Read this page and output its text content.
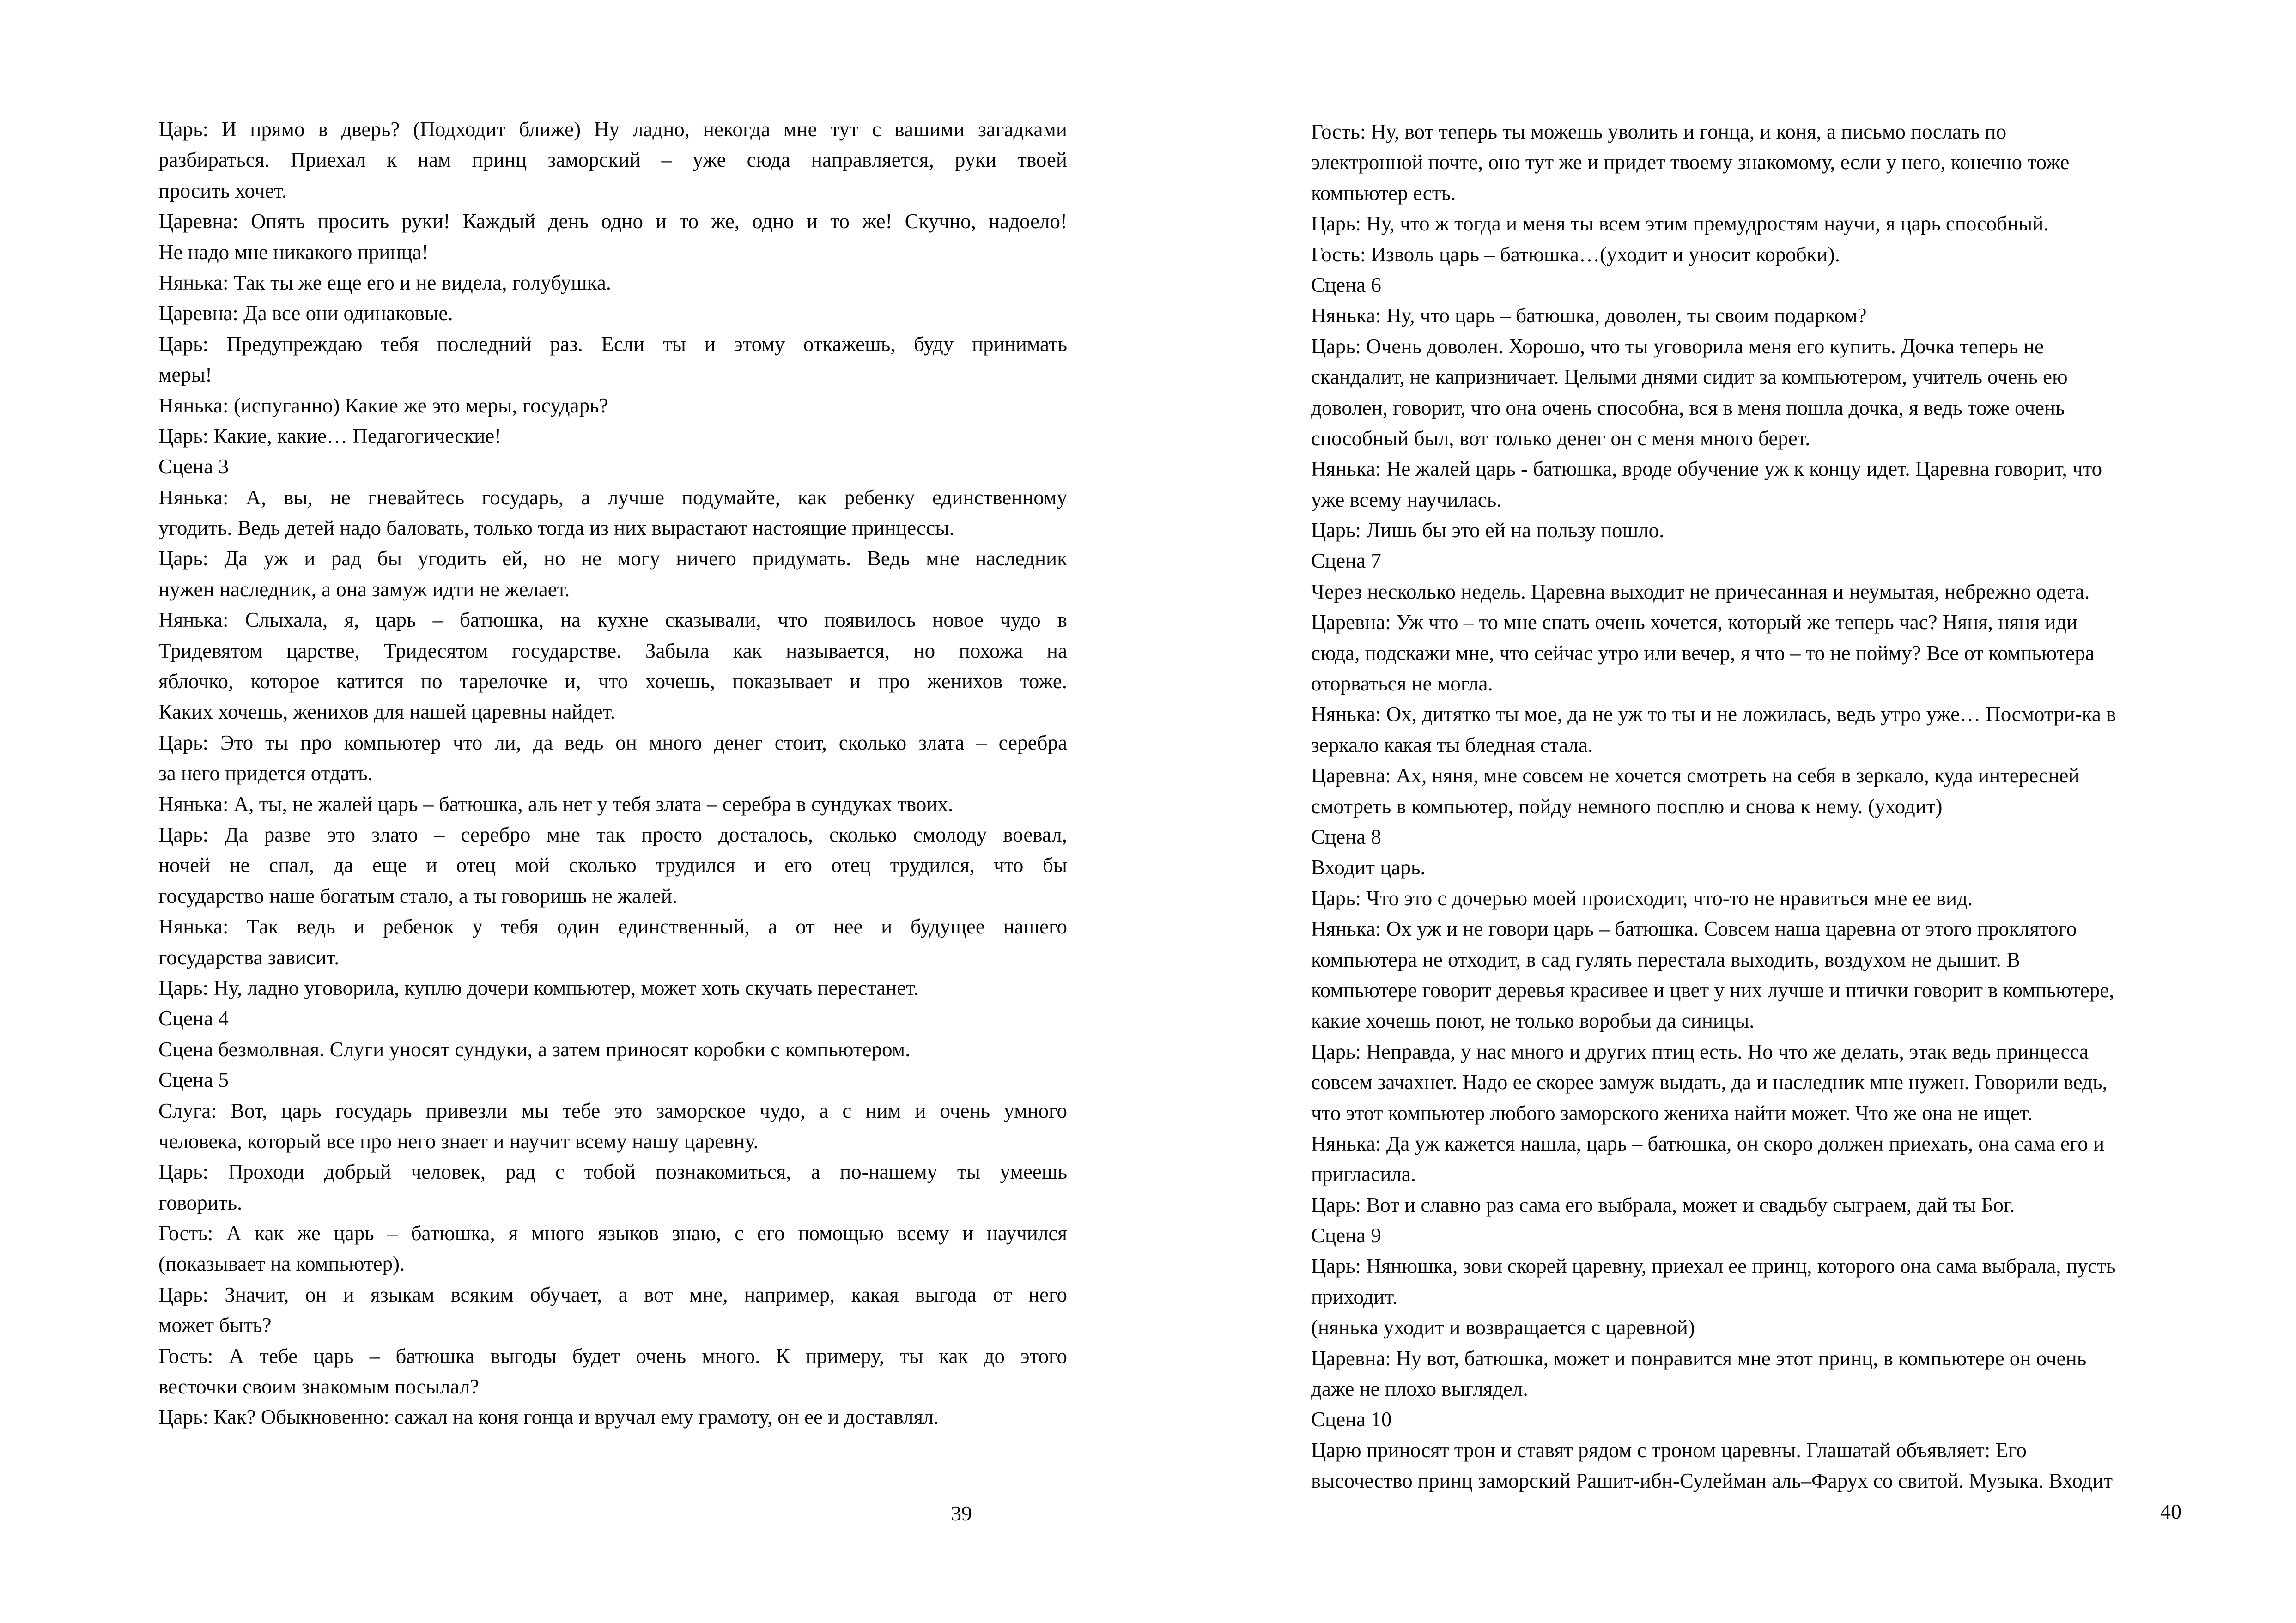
Царь: И прямо в дверь? (Подходит ближе) Ну ладно, некогда мне тут с вашими загадками
разбираться. Приехал к нам принц заморский – уже сюда направляется, руки твоей
просить хочет.
Царевна: Опять просить руки! Каждый день одно и то же, одно и то же! Скучно, надоело!
Не надо мне никакого принца!
Нянька: Так ты же еще его и не видела, голубушка.
Царевна: Да все они одинаковые.
Царь: Предупреждаю тебя последний раз. Если ты и этому откажешь, буду принимать
меры!
Нянька: (испуганно) Какие же это меры, государь?
Царь: Какие, какие… Педагогические!
Сцена 3
Нянька: А, вы, не гневайтесь государь, а лучше подумайте, как ребенку единственному
угодить. Ведь детей надо баловать, только тогда из них вырастают настоящие принцессы.
Царь: Да уж и рад бы угодить ей, но не могу ничего придумать. Ведь мне наследник
нужен наследник, а она замуж идти не желает.
Нянька: Слыхала, я, царь – батюшка, на кухне сказывали, что появилось новое чудо в
Тридевятом царстве, Тридесятом государстве. Забыла как называется, но похожа на
яблочко, которое катится по тарелочке и, что хочешь, показывает и про женихов тоже.
Каких хочешь, женихов для нашей царевны найдет.
Царь: Это ты про компьютер что ли, да ведь он много денег стоит, сколько злата – серебра
за него придется отдать.
Нянька: А, ты, не жалей царь – батюшка, аль нет у тебя злата – серебра в сундуках твоих.
Царь: Да разве это злато – серебро мне так просто досталось, сколько смолоду воевал,
ночей не спал, да еще и отец мой сколько трудился и его отец трудился, что бы
государство наше богатым стало, а ты говоришь не жалей.
Нянька: Так ведь и ребенок у тебя один единственный, а от нее и будущее нашего
государства зависит.
Царь: Ну, ладно уговорила, куплю дочери компьютер, может хоть скучать перестанет.
Сцена 4
Сцена безмолвная. Слуги уносят сундуки, а затем приносят коробки с компьютером.
Сцена 5
Слуга: Вот, царь государь привезли мы тебе это заморское чудо, а с ним и очень умного
человека, который все про него знает и научит всему нашу царевну.
Царь: Проходи добрый человек, рад с тобой познакомиться, а по-нашему ты умеешь
говорить.
Гость: А как же царь – батюшка, я много языков знаю, с его помощью всему и научился
(показывает на компьютер).
Царь: Значит, он и языкам всяким обучает, а вот мне, например, какая выгода от него
может быть?
Гость: А тебе царь – батюшка выгоды будет очень много. К примеру, ты как до этого
весточки своим знакомым посылал?
Царь: Как? Обыкновенно: сажал на коня гонца и вручал ему грамоту, он ее и доставлял.
Гость: Ну, вот теперь ты можешь уволить и гонца, и коня, а письмо послать по
электронной почте, оно тут же и придет твоему знакомому, если у него, конечно тоже
компьютер есть.
Царь: Ну, что ж тогда и меня ты всем этим премудростям научи, я царь способный.
Гость: Изволь царь – батюшка…(уходит и уносит коробки).
Сцена 6
Нянька: Ну, что царь – батюшка, доволен, ты своим подарком?
Царь: Очень доволен. Хорошо, что ты уговорила меня его купить. Дочка теперь не
скандалит, не капризничает. Целыми днями сидит за компьютером, учитель очень ею
доволен, говорит, что она очень способна, вся в меня пошла дочка, я ведь тоже очень
способный был, вот только денег он с меня много берет.
Нянька: Не жалей царь - батюшка, вроде обучение уж к концу идет. Царевна говорит, что
уже всему научилась.
Царь: Лишь бы это ей на пользу пошло.
Сцена 7
Через несколько недель. Царевна выходит не причесанная и неумытая, небрежно одета.
Царевна: Уж что – то мне спать очень хочется, который же теперь час? Няня, няня иди
сюда, подскажи мне, что сейчас утро или вечер, я что – то не пойму? Все от компьютера
оторваться не могла.
Нянька: Ох, дитятко ты мое, да не уж то ты и не ложилась, ведь утро уже… Посмотри-ка в
зеркало какая ты бледная стала.
Царевна: Ах, няня, мне совсем не хочется смотреть на себя в зеркало, куда интересней
смотреть в компьютер, пойду немного посплю и снова к нему. (уходит)
Сцена 8
Входит царь.
Царь: Что это с дочерью моей происходит, что-то не нравиться мне ее вид.
Нянька: Ох уж и не говори царь – батюшка. Совсем наша царевна от этого проклятого
компьютера не отходит, в сад гулять перестала выходить, воздухом не дышит. В
компьютере говорит деревья красивее и цвет у них лучше и птички говорит в компьютере,
какие хочешь поют, не только воробьи да синицы.
Царь: Неправда, у нас много и других птиц есть. Но что же делать, этак ведь принцесса
совсем зачахнет. Надо ее скорее замуж выдать, да и наследник мне нужен. Говорили ведь,
что этот компьютер любого заморского жениха найти может. Что же она не ищет.
Нянька: Да уж кажется нашла, царь – батюшка, он скоро должен приехать, она сама его и
пригласила.
Царь: Вот и славно раз сама его выбрала, может и свадьбу сыграем, дай ты Бог.
Сцена 9
Царь: Нянюшка, зови скорей царевну, приехал ее принц, которого она сама выбрала, пусть
приходит.
(нянька уходит и возвращается с царевной)
Царевна: Ну вот, батюшка, может и понравится мне этот принц, в компьютере он очень
даже не плохо выглядел.
Сцена 10
Царю приносят трон и ставят рядом с троном царевны. Глашатай объявляет: Его
высочество принц заморский Рашит-ибн-Сулейман аль–Фарух со свитой. Музыка. Входит
39	40
